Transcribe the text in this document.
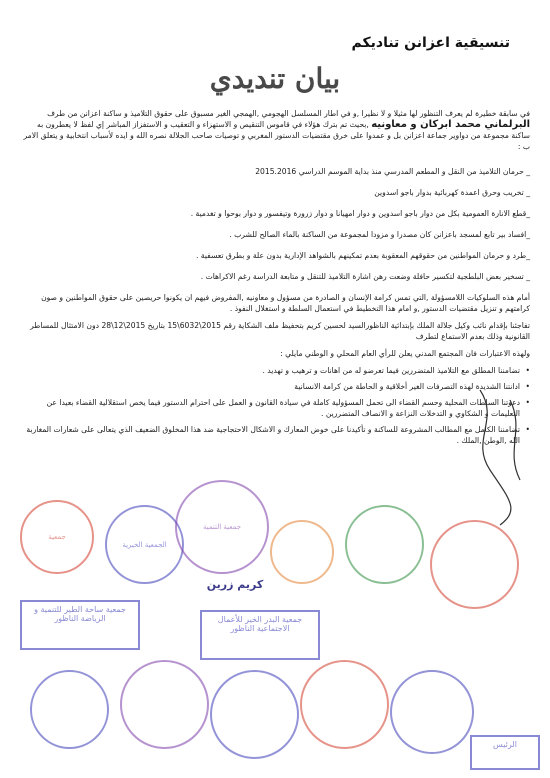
تنسيقية اعزانن تناديكم
بيان تنديدي

في سابقة خطيرة لم يعرف التنظور لها مثيلا و لا نظيرا ,و في اطار المسلسل الهجومي ,الهمجي الغير مسبوق على حقوق التلاميذ و ساكنة اعزانن من طرف البرلماني محمد ابركان و معاونيه ,بحيث تم بترك هؤلاء في قاموس التنقيص و الاستهزاء و التعقيب و الاستفزاز المباشر إي لفظ لا يعطرون به ساكنة مجموعة من دواوير جماعة اعزانن بل و عمدوا على خرق مقتضيات الدستور المغربي و توصيات صاحب الجلالة نصره الله و ايده لأسباب انتخابية و يتعلق الامر ب :

_ حرمان التلاميذ من النقل و المطعم المدرسي منذ بداية الموسم الدراسي 2015.2016

_ تخريب وحرق اعمدة كهربائية بدوار باجو اسدوين

_قطع الانارة العمومية بكل من دوار باجو اسدوين و دوار امهيانا و دوار زرورة وتيفسور و دوار بوحوا و تغدمية .

_افساد بير تابع لمسجد باعزانن كان مصدرا و مزودا لمجموعة من الساكنة بالماء الصالح للشرب .

_طرد و حرمان المواطنين من حقوقهم المعقوبة بعدم تمكينهم بالشواهد الإدارية بدون علة و بطرق تعسفية .

_ تسخير بعض البلطجية لتكسير حافلة وضعت رهن اشارة التلاميذ للتنقل و متابعة الدراسة رغم الاكراهات .

أمام هذه السلوكيات اللامسؤولة ,التي تمس كرامة الإنسان و الصادرة من مسؤول و معاونيه ,المفروض فيهم ان يكونوا حريصين على حقوق المواطنين و صون كرامتهم و تنزيل مقتضيات الدستور ,و امام هذا التخطيط في استعمال السلطة و استغلال النفوذ .

تفاجئنا بإقدام نائب وكيل جلالة الملك بإبتدائية الناظورالسيد لحسين كريم بتحفيظ ملف الشكاية رقم 2015\6032\15 بتاريخ 2015\12\28 دون الامتثال للمساطر القانونية وذلك بعدم الاستماع لتطرف

ولهذه الاعتبارات فان المجتمع المدني يعلن للرأي العام المحلي و الوطني مايلي :

• تضامننا المطلق مع التلاميذ المتضررين فيما تعرضو له من اهانات و ترهيب و تهديد .

• ادانتنا الشديدة لهذه التصرفات الغير أخلاقية و الحاطة من كرامة الانسانية

• دعوتنا السلطات المحلية وحسم القضاء الى تحمل المسؤولية كاملة في سيادة القانون و العمل على احترام الدستور فيما يخص استقلالية القضاء بعيدا عن التعليمات و الشكاوي و التدخلات النزاعة و الانصاف المتضررين .

• تضامننا الكامل مع المطالب المشروعة للساكنة و تأكيدنا على خوض المعارك و الاشكال الاحتجاجية ضد هذا المخلوق الضعيف الذي يتعالى على شعارات المغاربة الله ,الوطن ,الملك .

كريم زرين
جمعية
الجمعية الخيرية
جمعية التنمية
جمعية ساحة الطير للتنمية و الرياضة الناظور	جمعية البدر الخير للأعمال الاجتماعية الناظور
الرئيس
